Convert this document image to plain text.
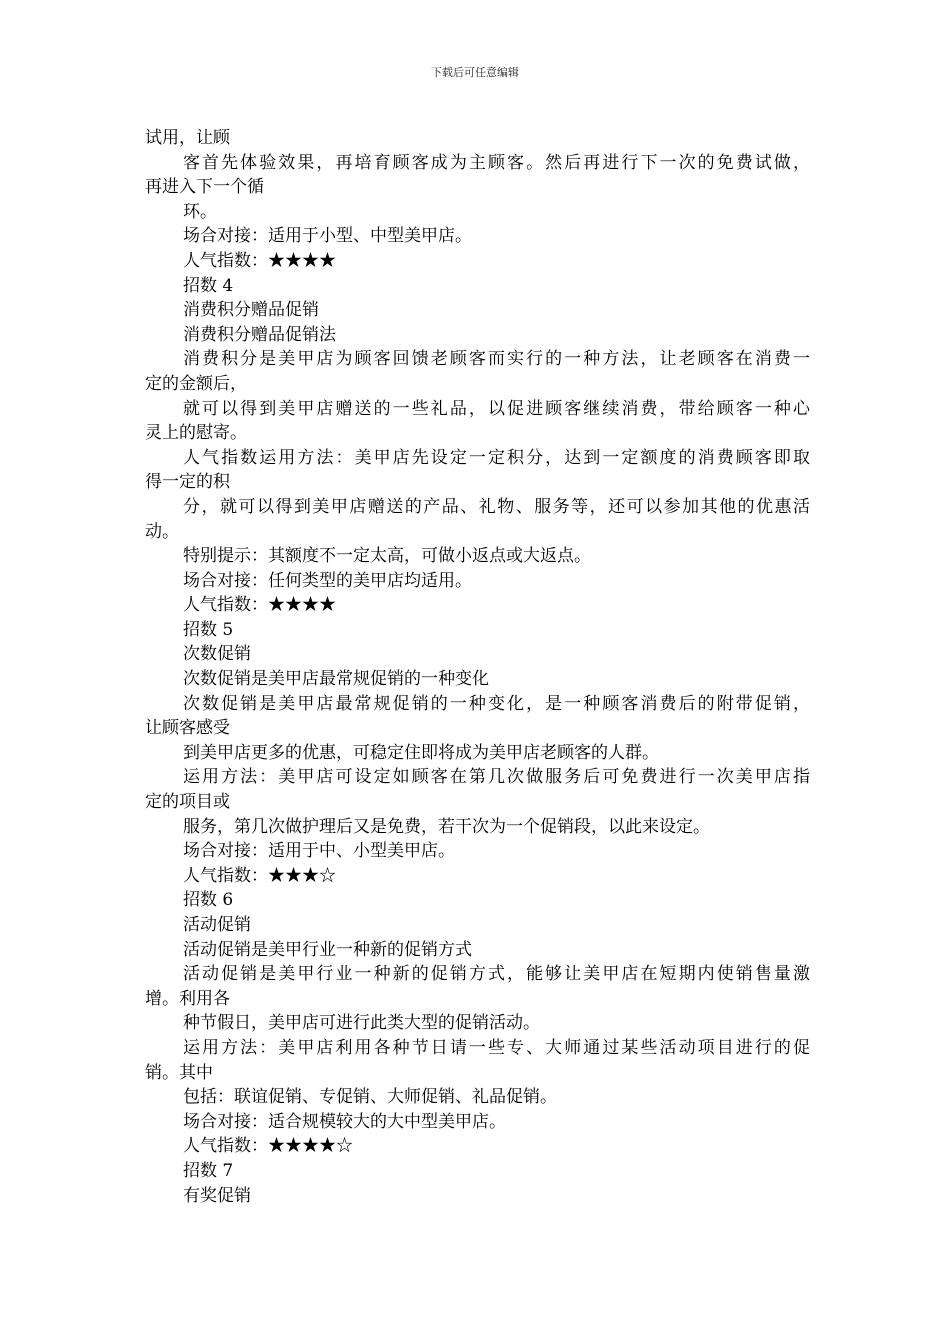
下载后可任意编辑
试用，让顾
客首先体验效果，再培育顾客成为主顾客。然后再进行下一次的免费试做，
再进入下一个循
环。
场合对接：适用于小型、中型美甲店。
人气指数：★★★★
招数 4
消费积分赠品促销
消费积分赠品促销法
消费积分是美甲店为顾客回馈老顾客而实行的一种方法，让老顾客在消费一
定的金额后，
就可以得到美甲店赠送的一些礼品，以促进顾客继续消费，带给顾客一种心
灵上的慰寄。
人气指数运用方法：美甲店先设定一定积分，达到一定额度的消费顾客即取
得一定的积
分，就可以得到美甲店赠送的产品、礼物、服务等，还可以参加其他的优惠活
动。
特别提示：其额度不一定太高，可做小返点或大返点。
场合对接：任何类型的美甲店均适用。
人气指数：★★★★
招数 5
次数促销
次数促销是美甲店最常规促销的一种变化
次数促销是美甲店最常规促销的一种变化，是一种顾客消费后的附带促销，
让顾客感受
到美甲店更多的优惠，可稳定住即将成为美甲店老顾客的人群。
运用方法：美甲店可设定如顾客在第几次做服务后可免费进行一次美甲店指
定的项目或
服务，第几次做护理后又是免费，若干次为一个促销段，以此来设定。
场合对接：适用于中、小型美甲店。
人气指数：★★★☆
招数 6
活动促销
活动促销是美甲行业一种新的促销方式
活动促销是美甲行业一种新的促销方式，能够让美甲店在短期内使销售量激
增。利用各
种节假日，美甲店可进行此类大型的促销活动。
运用方法：美甲店利用各种节日请一些专、大师通过某些活动项目进行的促
销。其中
包括：联谊促销、专促销、大师促销、礼品促销。
场合对接：适合规模较大的大中型美甲店。
人气指数：★★★★☆
招数 7
有奖促销
